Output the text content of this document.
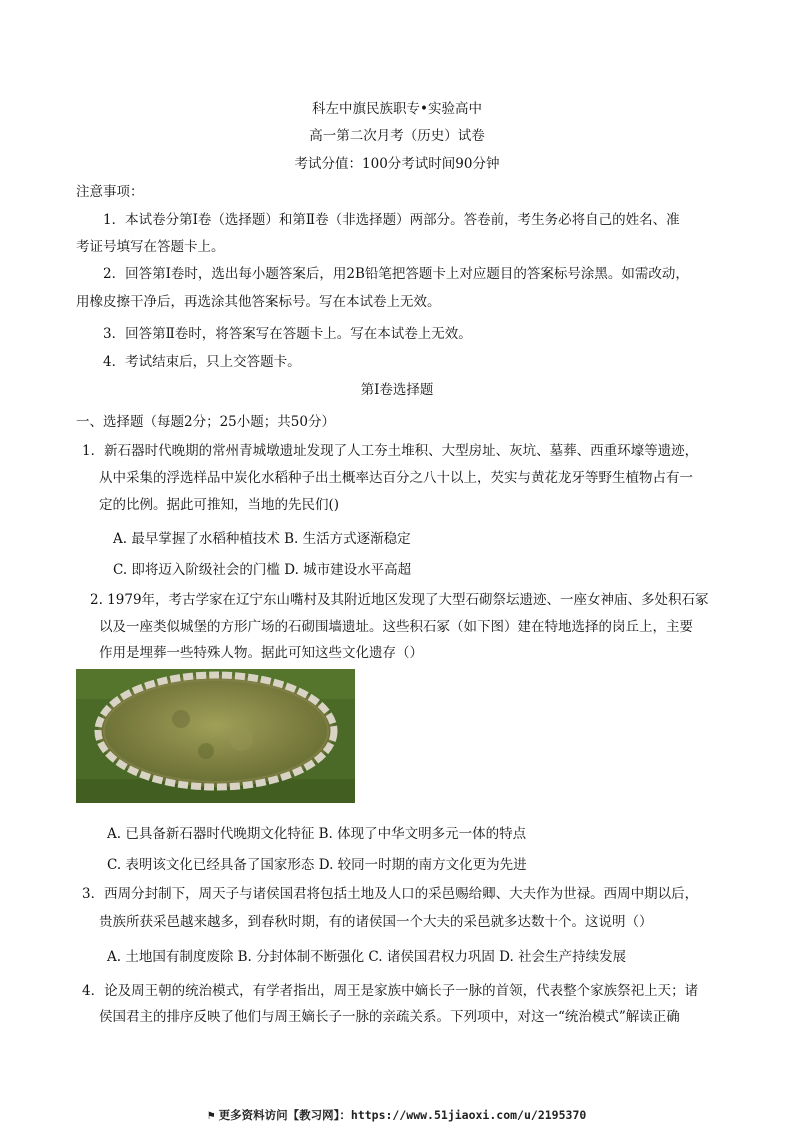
科左中旗民族职专•实验高中
高一第二次月考（历史）试卷
考试分值：100分考试时间90分钟
注意事项：
1．本试卷分第Ⅰ卷（选择题）和第Ⅱ卷（非选择题）两部分。答卷前，考生务必将自己的姓名、准
考证号填写在答题卡上。
2．回答第Ⅰ卷时，选出每小题答案后，用2B铅笔把答题卡上对应题目的答案标号涂黑。如需改动，
用橡皮擦干净后，再选涂其他答案标号。写在本试卷上无效。
3．回答第Ⅱ卷时，将答案写在答题卡上。写在本试卷上无效。
4．考试结束后，只上交答题卡。
第Ⅰ卷选择题
一、选择题（每题2分；25小题；共50分）
1．新石器时代晚期的常州青城墩遗址发现了人工夯土堆积、大型房址、灰坑、墓葬、西重环壕等遗迹，
从中采集的浮选样品中炭化水稻种子出土概率达百分之八十以上，芡实与黄花龙牙等野生植物占有一
定的比例。据此可推知，当地的先民们()
A. 最早掌握了水稻种植技术 B. 生活方式逐渐稳定
C. 即将迈入阶级社会的门槛 D. 城市建设水平高超
2. 1979年，考古学家在辽宁东山嘴村及其附近地区发现了大型石砌祭坛遗迹、一座女神庙、多处积石冢
以及一座类似城堡的方形广场的石砌围墙遗址。这些积石冢（如下图）建在特地选择的岗丘上，主要
作用是埋葬一些特殊人物。据此可知这些文化遗存（）
A. 已具备新石器时代晚期文化特征 B. 体现了中华文明多元一体的特点
C. 表明该文化已经具备了国家形态 D. 较同一时期的南方文化更为先进
3．西周分封制下，周天子与诸侯国君将包括土地及人口的采邑赐给卿、大夫作为世禄。西周中期以后，
贵族所获采邑越来越多，到春秋时期，有的诸侯国一个大夫的采邑就多达数十个。这说明（）
A. 土地国有制度废除 B. 分封体制不断强化 C. 诸侯国君权力巩固 D. 社会生产持续发展
4．论及周王朝的统治模式，有学者指出，周王是家族中嫡长子一脉的首领，代表整个家族祭祀上天；诸
侯国君主的排序反映了他们与周王嫡长子一脉的亲疏关系。下列项中，对这一“统治模式”解读正确
⚑ 更多资料访问【教习网】：https://www.51jiaoxi.com/u/2195370
